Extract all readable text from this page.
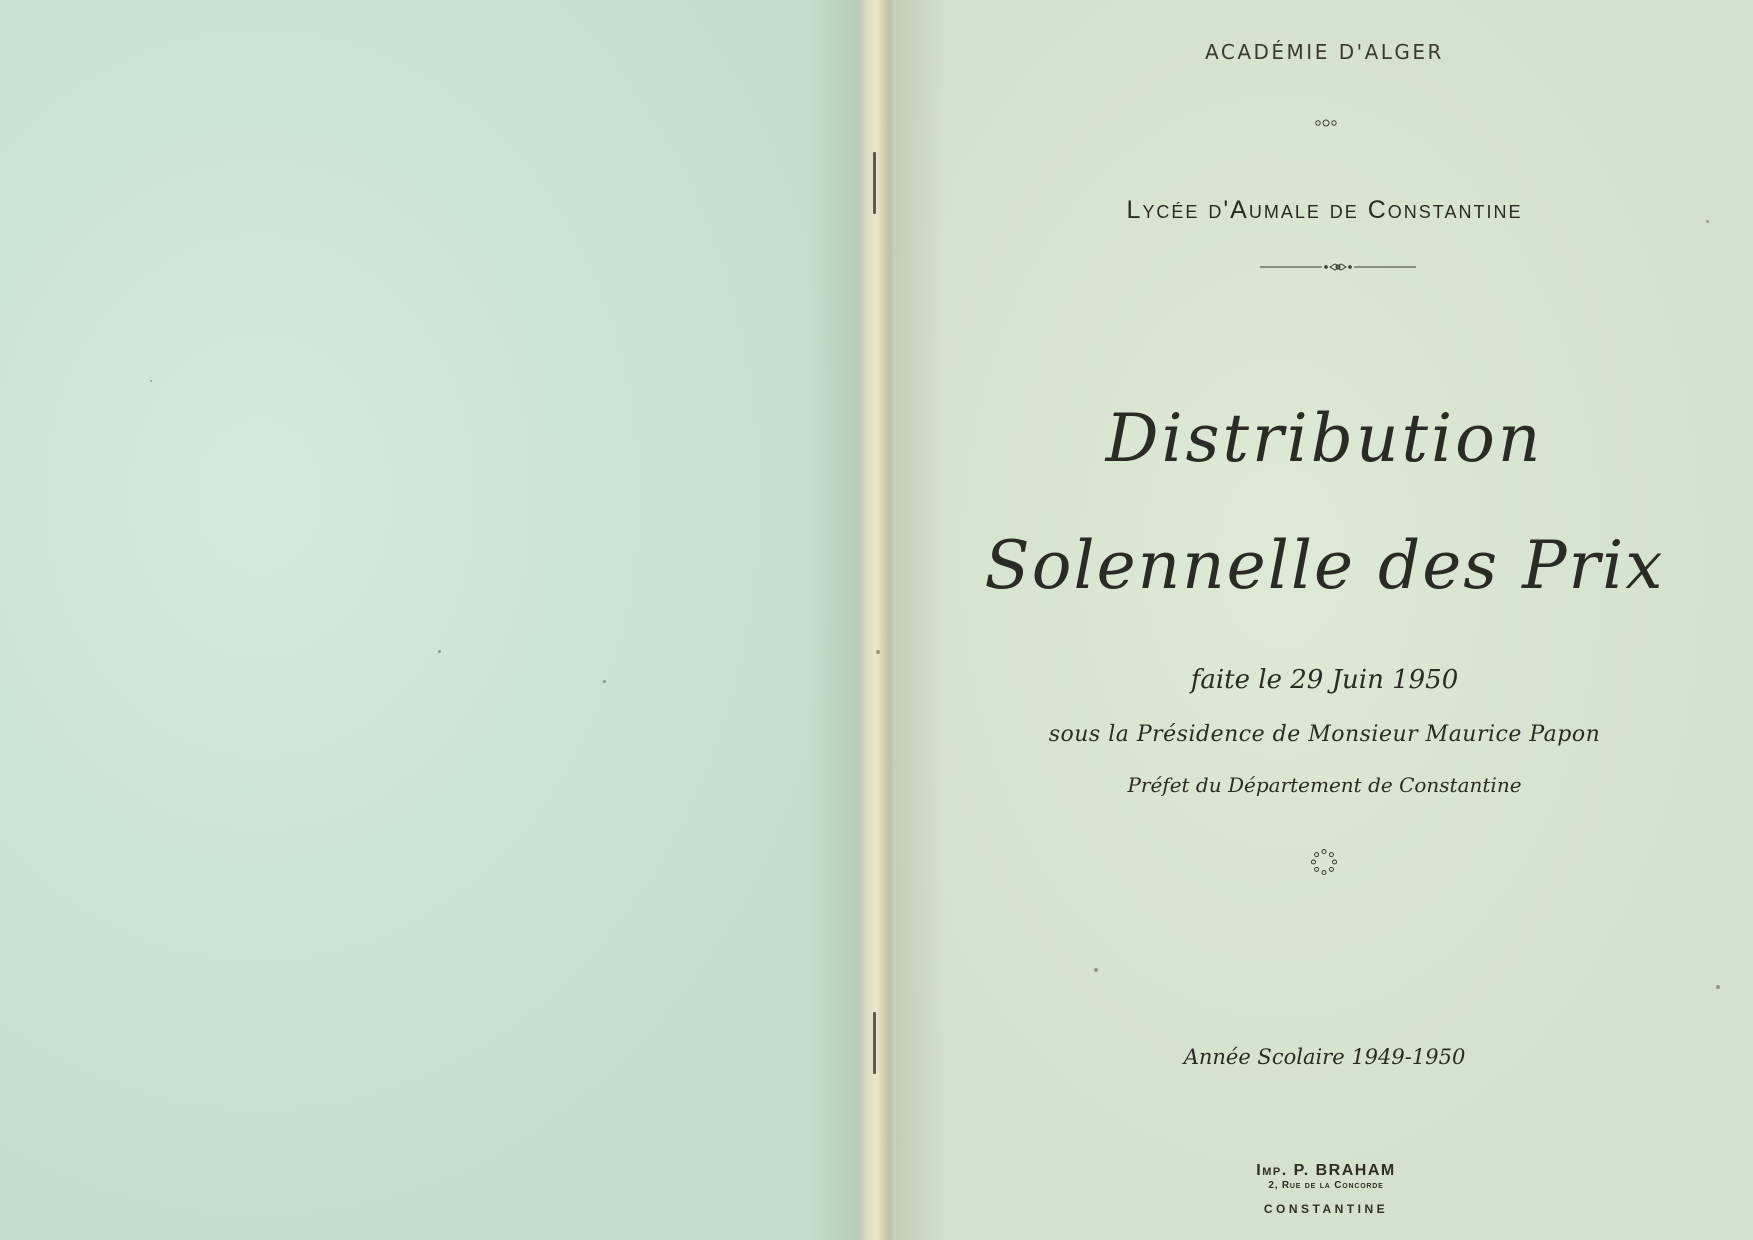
ACADÉMIE D'ALGER

Lycée d'Aumale de Constantine

Distribution

Solennelle des Prix

faite le 29 Juin 1950

sous la Présidence de Monsieur Maurice Papon

Préfet du Département de Constantine

Année Scolaire 1949-1950

Imp. P. BRAHAM

2, Rue de la Concorde

CONSTANTINE
